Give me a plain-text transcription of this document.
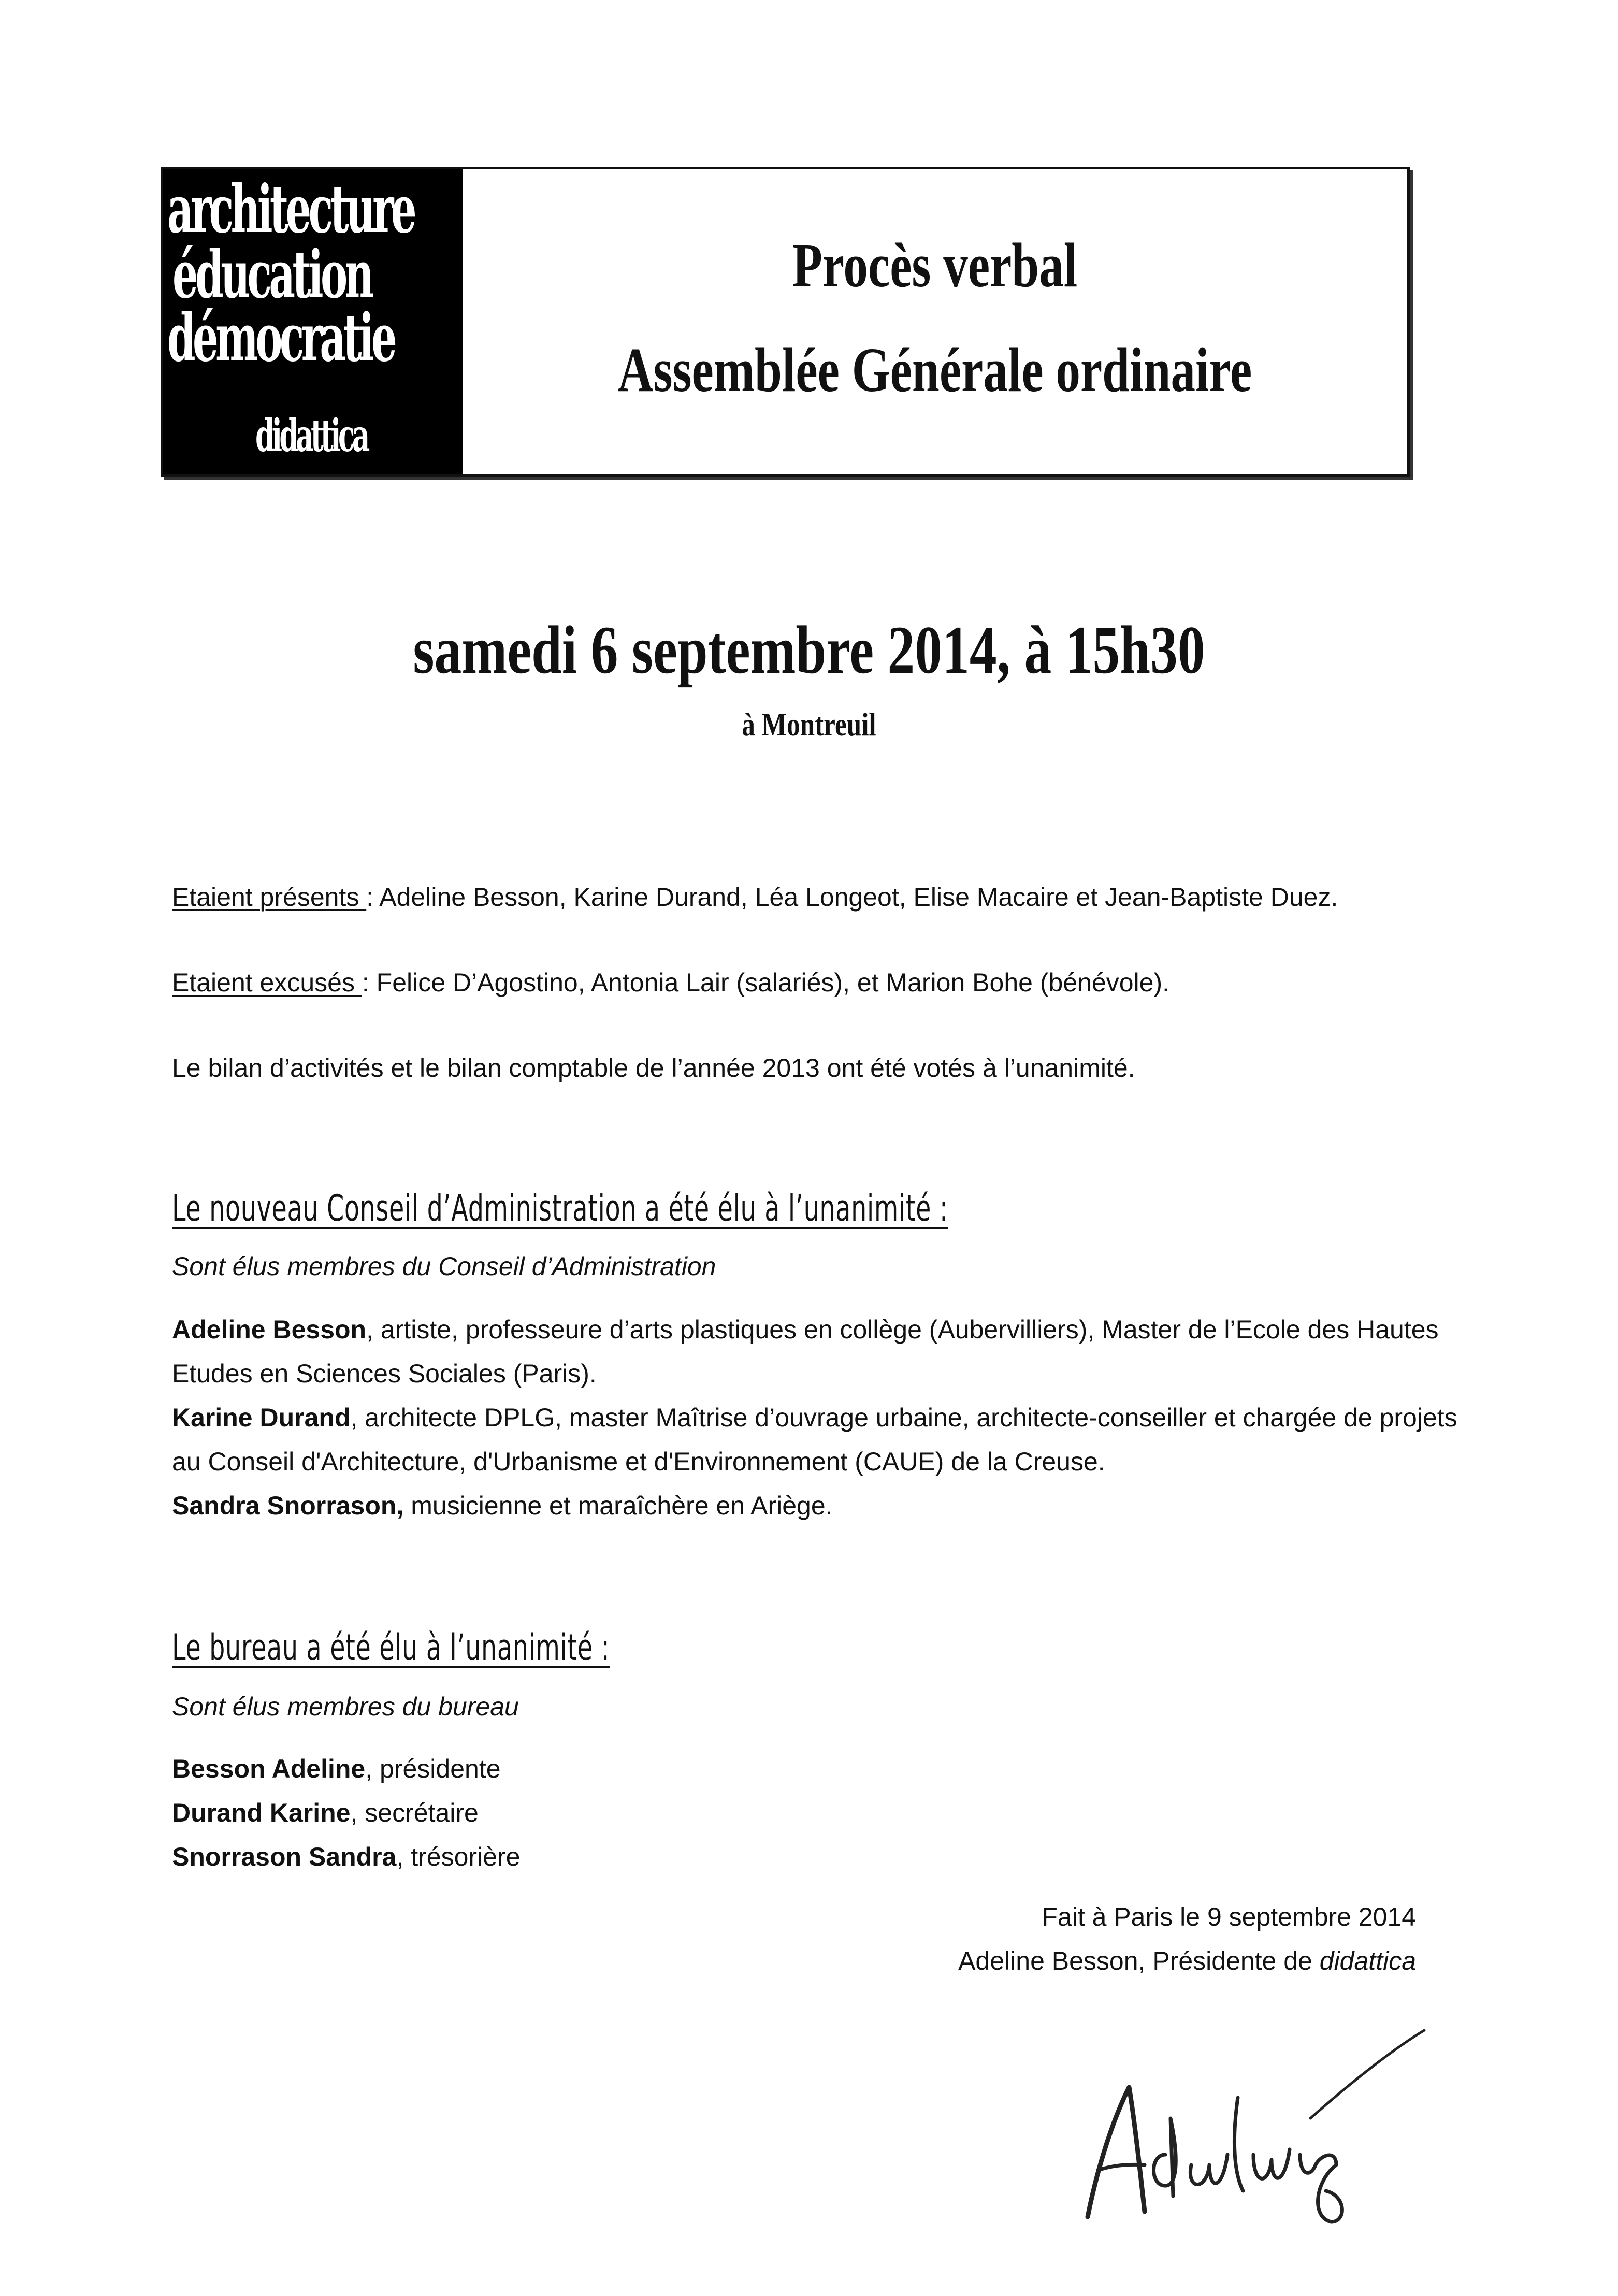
architecture
éducation
démocratie
didattica
Procès verbal
Assemblée Générale ordinaire
samedi 6 septembre 2014, à 15h30
à Montreuil
Etaient présents : Adeline Besson, Karine Durand, Léa Longeot, Elise Macaire et Jean-Baptiste Duez.
Etaient excusés : Felice D’Agostino, Antonia Lair (salariés), et Marion Bohe (bénévole).
Le bilan d’activités et le bilan comptable de l’année 2013 ont été votés à l’unanimité.
Le nouveau Conseil d’Administration a été élu à l’unanimité :
Sont élus membres du Conseil d’Administration
Adeline Besson, artiste, professeure d’arts plastiques en collège (Aubervilliers), Master de l’Ecole des Hautes
Etudes en Sciences Sociales (Paris).
Karine Durand, architecte DPLG, master Maîtrise d’ouvrage urbaine, architecte-conseiller et chargée de projets
au Conseil d'Architecture, d'Urbanisme et d'Environnement (CAUE) de la Creuse.
Sandra Snorrason, musicienne et maraîchère en Ariège.
Le bureau a été élu à l’unanimité :
Sont élus membres du bureau
Besson Adeline, présidente
Durand Karine, secrétaire
Snorrason Sandra, trésorière
Fait à Paris le 9 septembre 2014
Adeline Besson, Présidente de didattica
